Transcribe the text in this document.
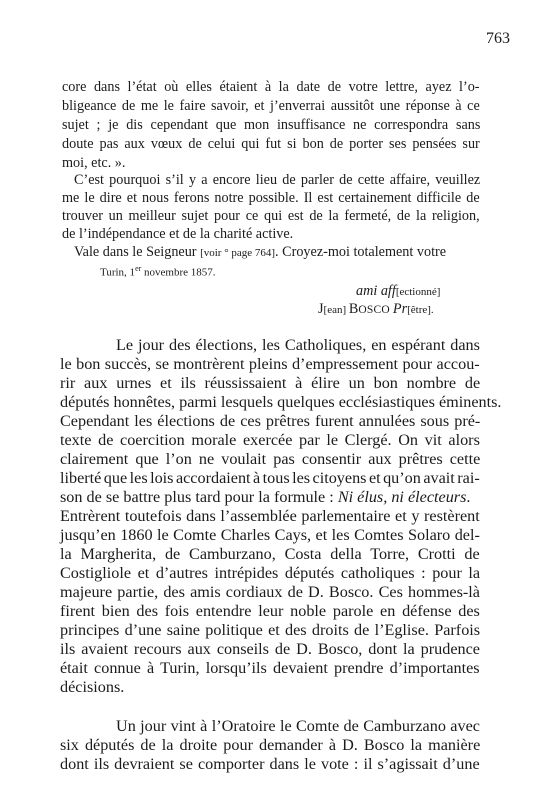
763
core dans l’état où elles étaient à la date de votre lettre, ayez l’o-
bligeance de me le faire savoir, et j’enverrai aussitôt une réponse à ce
sujet ; je dis cependant que mon insuffisance ne correspondra sans
doute pas aux vœux de celui qui fut si bon de porter ses pensées sur
moi, etc. ».
C’est pourquoi s’il y a encore lieu de parler de cette affaire, veuillez
me le dire et nous ferons notre possible. Il est certainement difficile de
trouver un meilleur sujet pour ce qui est de la fermeté, de la religion,
de l’indépendance et de la charité active.
Vale dans le Seigneur [voir ° page 764]. Croyez-moi totalement votre
Turin, 1er novembre 1857.
ami aff[ectionné]
J[ean] BOSCO Pr[être].
Le jour des élections, les Catholiques, en espérant dans
le bon succès, se montrèrent pleins d’empressement pour accou-
rir aux urnes et ils réussissaient à élire un bon nombre de
députés honnêtes, parmi lesquels quelques ecclésiastiques éminents.
Cependant les élections de ces prêtres furent annulées sous pré-
texte de coercition morale exercée par le Clergé. On vit alors
clairement que l’on ne voulait pas consentir aux prêtres cette
liberté que les lois accordaient à tous les citoyens et qu’on avait rai-
son de se battre plus tard pour la formule : Ni élus, ni électeurs.
Entrèrent toutefois dans l’assemblée parlementaire et y restèrent
jusqu’en 1860 le Comte Charles Cays, et les Comtes Solaro del-
la Margherita, de Camburzano, Costa della Torre, Crotti de
Costigliole et d’autres intrépides députés catholiques : pour la
majeure partie, des amis cordiaux de D. Bosco. Ces hommes-là
firent bien des fois entendre leur noble parole en défense des
principes d’une saine politique et des droits de l’Eglise. Parfois
ils avaient recours aux conseils de D. Bosco, dont la prudence
était connue à Turin, lorsqu’ils devaient prendre d’importantes
décisions.
Un jour vint à l’Oratoire le Comte de Camburzano avec
six députés de la droite pour demander à D. Bosco la manière
dont ils devraient se comporter dans le vote : il s’agissait d’une
